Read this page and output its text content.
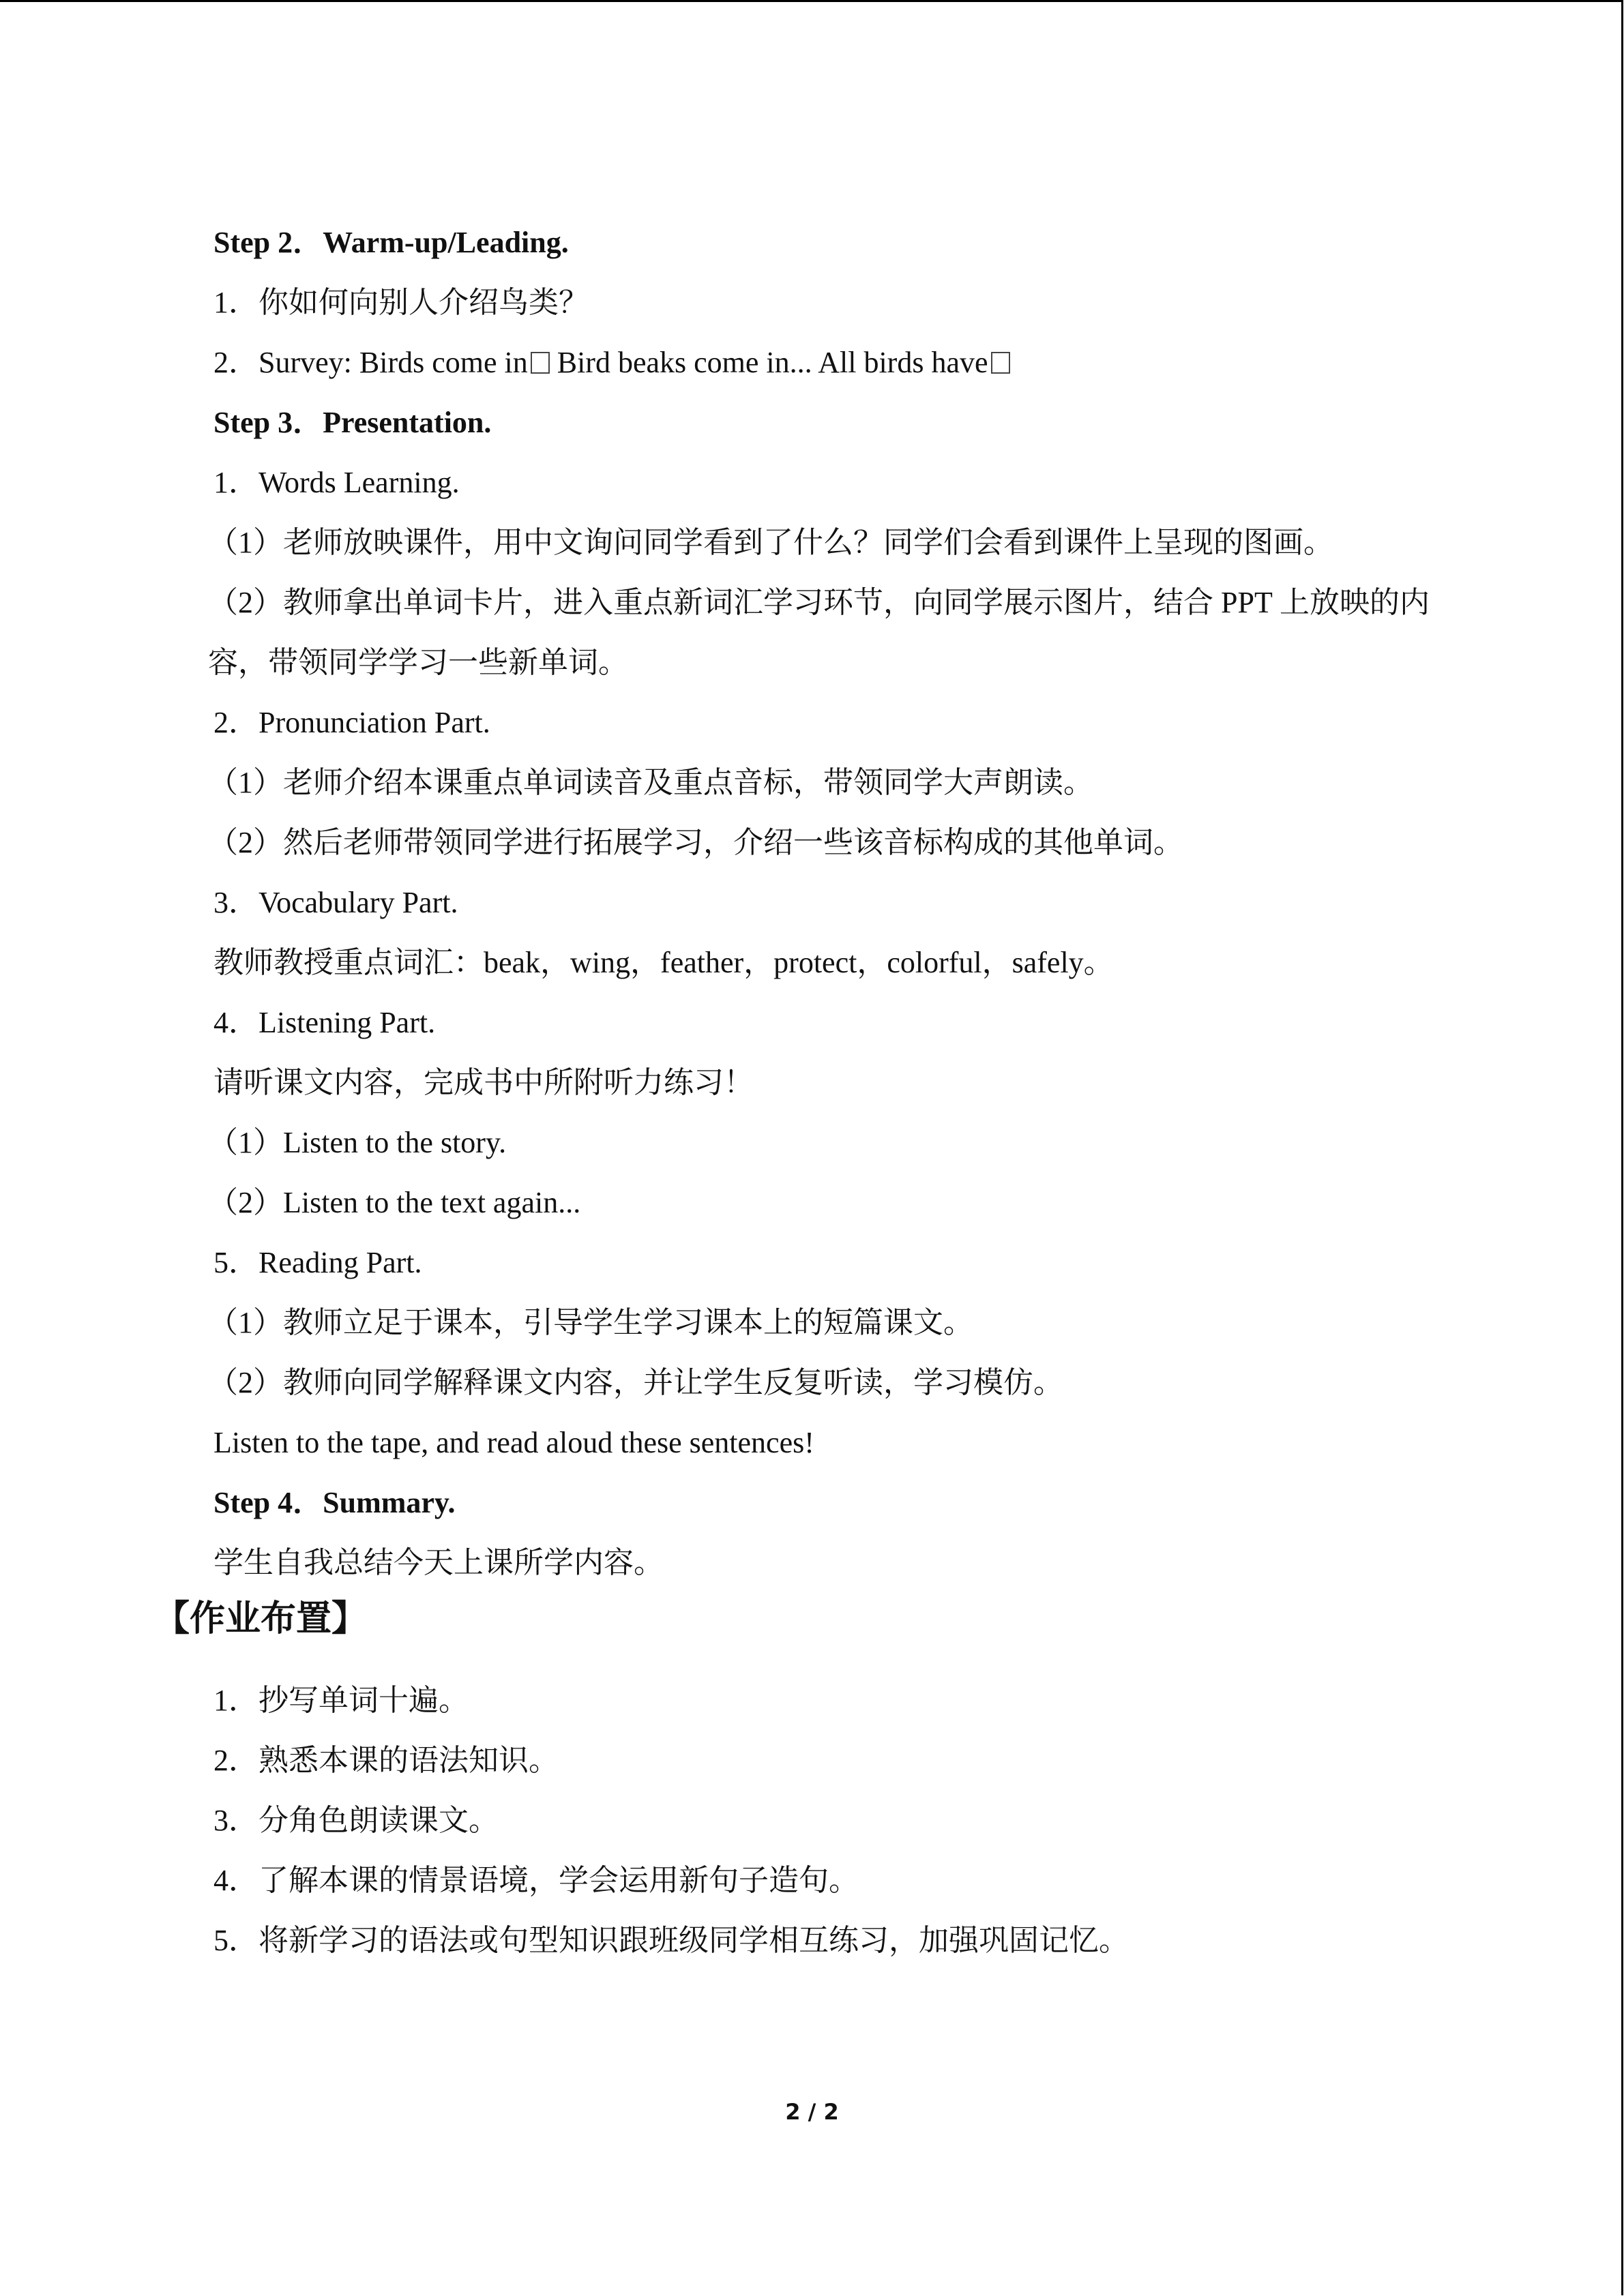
Step 2．Warm-up/Leading.
1．你如何向别人介绍鸟类？
2．Survey: Birds come in Bird beaks come in... All birds have
Step 3．Presentation.
1．Words Learning.
（1）老师放映课件，用中文询问同学看到了什么？同学们会看到课件上呈现的图画。
（2）教师拿出单词卡片，进入重点新词汇学习环节，向同学展示图片，结合 PPT 上放映的内容，带领同学学习一些新单词。
2．Pronunciation Part.
（1）老师介绍本课重点单词读音及重点音标，带领同学大声朗读。
（2）然后老师带领同学进行拓展学习，介绍一些该音标构成的其他单词。
3．Vocabulary Part.
教师教授重点词汇：beak，wing，feather，protect，colorful，safely。
4．Listening Part.
请听课文内容，完成书中所附听力练习！
（1）Listen to the story.
（2）Listen to the text again...
5．Reading Part.
（1）教师立足于课本，引导学生学习课本上的短篇课文。
（2）教师向同学解释课文内容，并让学生反复听读，学习模仿。
Listen to the tape, and read aloud these sentences!
Step 4．Summary.
学生自我总结今天上课所学内容。
【作业布置】
1．抄写单词十遍。
2．熟悉本课的语法知识。
3．分角色朗读课文。
4．了解本课的情景语境，学会运用新句子造句。
5．将新学习的语法或句型知识跟班级同学相互练习，加强巩固记忆。
2 / 2
